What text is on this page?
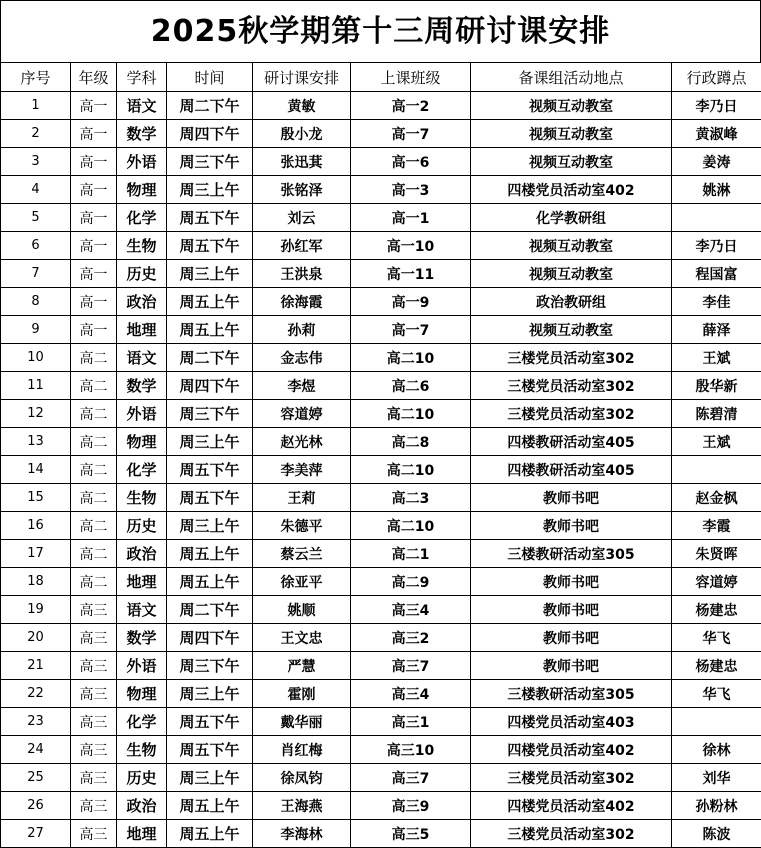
2025秋学期第十三周研讨课安排
序号	年级	学科	时间	研讨课安排	上课班级	备课组活动地点	行政蹲点
1	高一	语文	周二下午	黄敏	高一2	视频互动教室	李乃日
2	高一	数学	周四下午	殷小龙	高一7	视频互动教室	黄淑峰
3	高一	外语	周三下午	张迅萁	高一6	视频互动教室	姜涛
4	高一	物理	周三上午	张铭泽	高一3	四楼党员活动室402	姚淋
5	高一	化学	周五下午	刘云	高一1	化学教研组	
6	高一	生物	周五下午	孙红军	高一10	视频互动教室	李乃日
7	高一	历史	周三上午	王洪泉	高一11	视频互动教室	程国富
8	高一	政治	周五上午	徐海霞	高一9	政治教研组	李佳
9	高一	地理	周五上午	孙莉	高一7	视频互动教室	薛泽
10	高二	语文	周二下午	金志伟	高二10	三楼党员活动室302	王斌
11	高二	数学	周四下午	李煜	高二6	三楼党员活动室302	殷华新
12	高二	外语	周三下午	容道婷	高二10	三楼党员活动室302	陈碧清
13	高二	物理	周三上午	赵光林	高二8	四楼教研活动室405	王斌
14	高二	化学	周五下午	李美萍	高二10	四楼教研活动室405	
15	高二	生物	周五下午	王莉	高二3	教师书吧	赵金枫
16	高二	历史	周三上午	朱德平	高二10	教师书吧	李霞
17	高二	政治	周五上午	蔡云兰	高二1	三楼教研活动室305	朱贤晖
18	高二	地理	周五上午	徐亚平	高二9	教师书吧	容道婷
19	高三	语文	周二下午	姚顺	高三4	教师书吧	杨建忠
20	高三	数学	周四下午	王文忠	高三2	教师书吧	华飞
21	高三	外语	周三下午	严慧	高三7	教师书吧	杨建忠
22	高三	物理	周三上午	霍刚	高三4	三楼教研活动室305	华飞
23	高三	化学	周五下午	戴华丽	高三1	四楼党员活动室403	
24	高三	生物	周五下午	肖红梅	高三10	四楼党员活动室402	徐林
25	高三	历史	周三上午	徐凤钧	高三7	三楼党员活动室302	刘华
26	高三	政治	周五上午	王海燕	高三9	四楼党员活动室402	孙粉林
27	高三	地理	周五上午	李海林	高三5	三楼党员活动室302	陈波
